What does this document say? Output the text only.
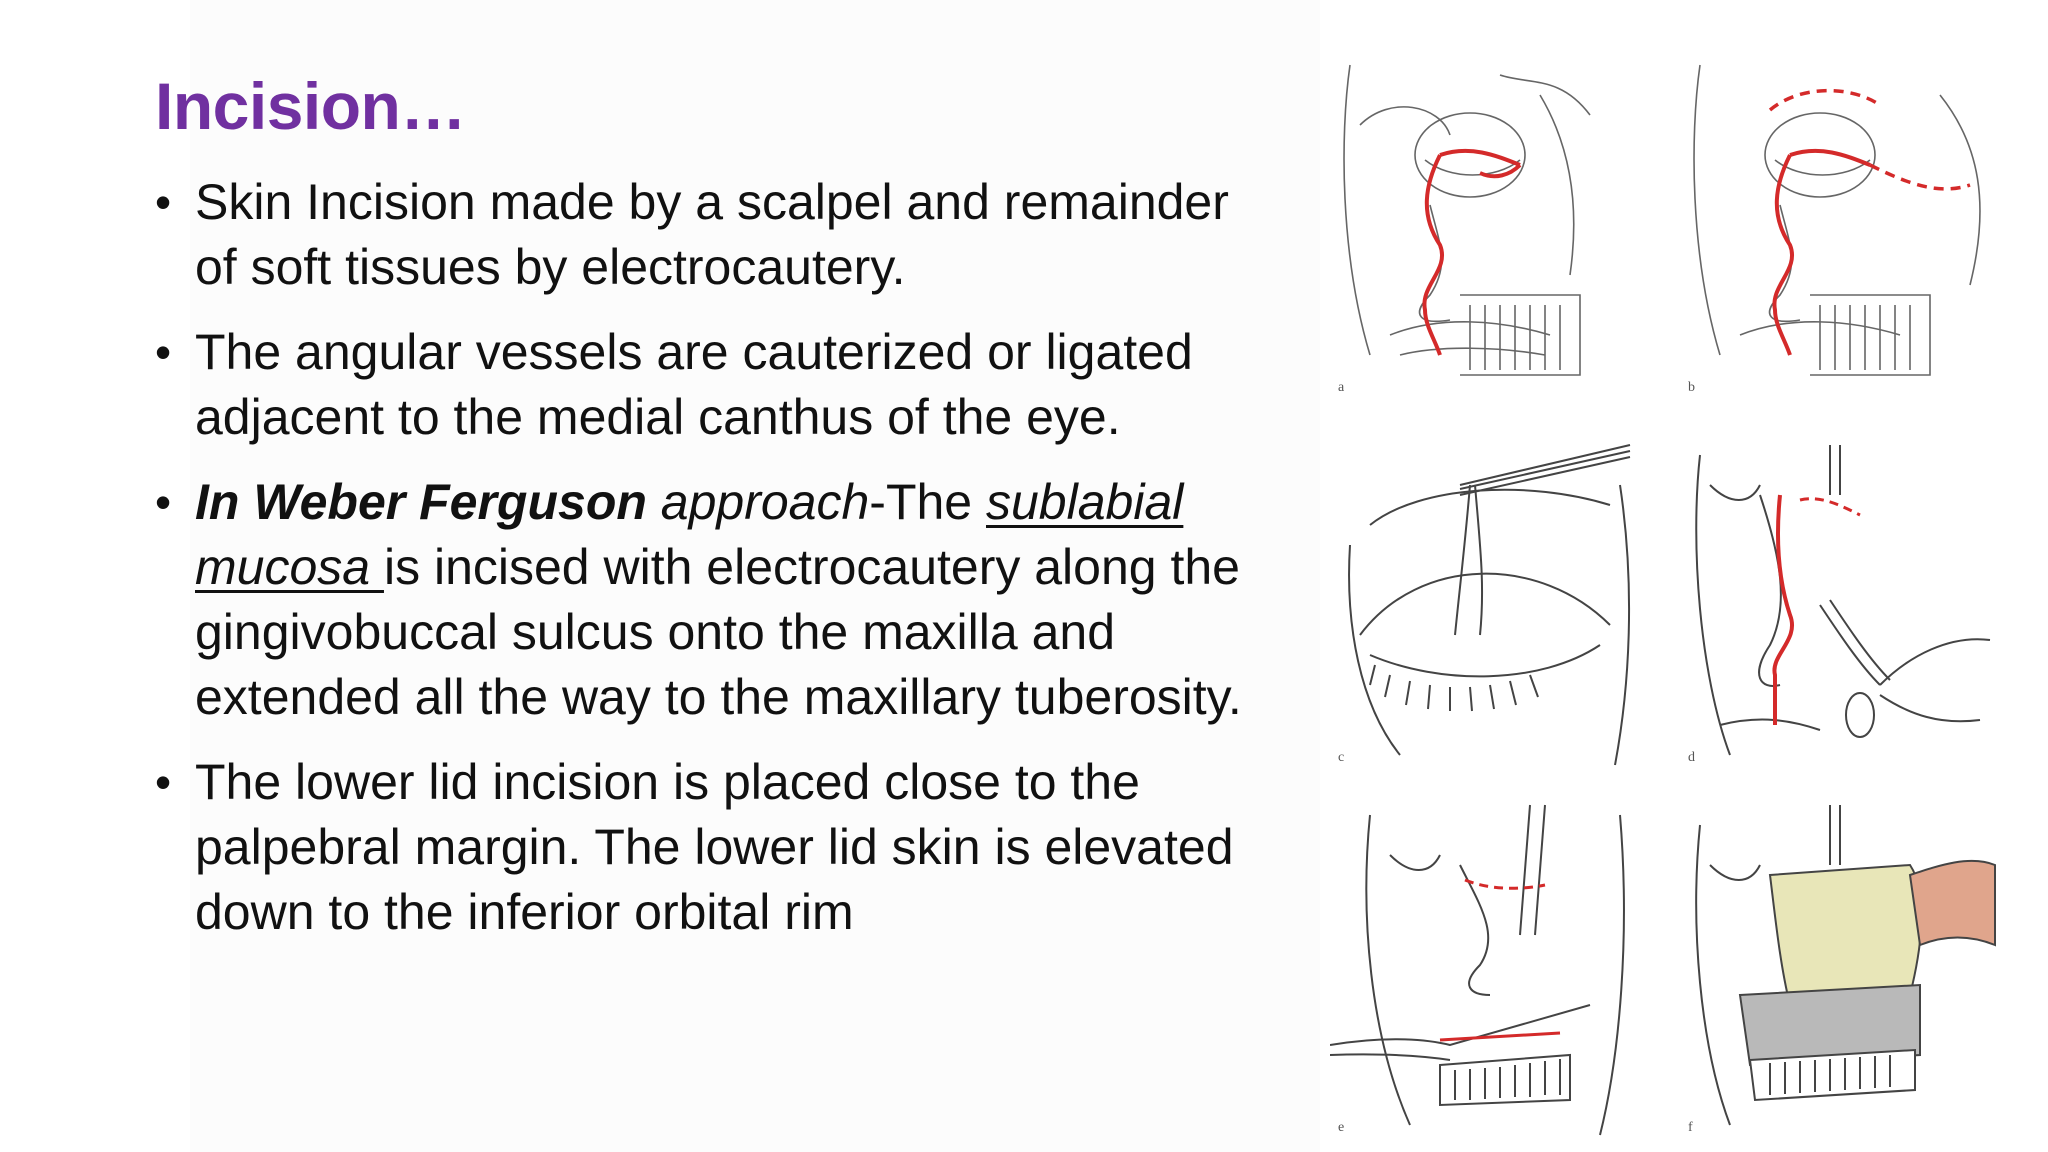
Incision…
• Skin Incision made by a scalpel and remainder of soft tissues by electrocautery.
• The angular vessels are cauterized or ligated adjacent to the medial canthus of the eye.
• In Weber Ferguson approach-The sublabial mucosa is incised with electrocautery along the gingivobuccal sulcus onto the maxilla and extended all the way to the maxillary tuberosity.
• The lower lid incision is placed close to the palpebral margin. The lower lid skin is elevated down to the inferior orbital rim
a	b
c	d
e	f
